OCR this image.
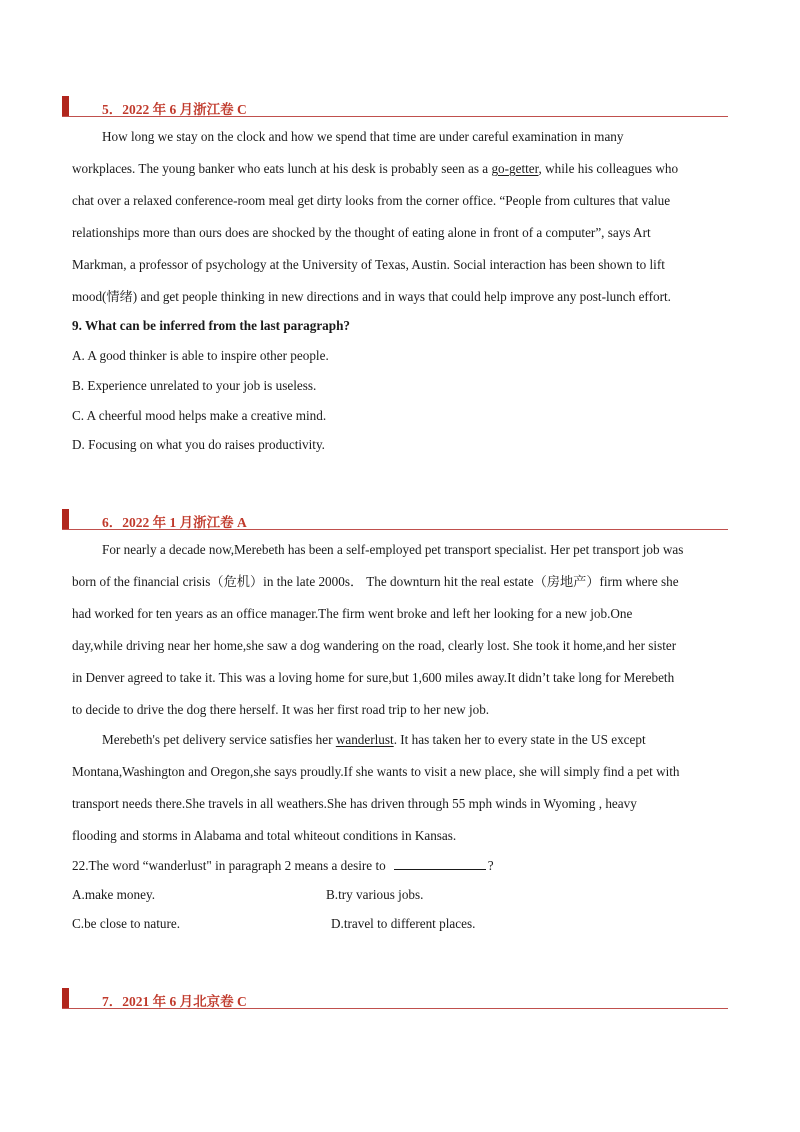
5．2022 年 6 月浙江卷 C
How long we stay on the clock and how we spend that time are under careful examination in many
workplaces. The young banker who eats lunch at his desk is probably seen as a go-getter, while his colleagues who
chat over a relaxed conference-room meal get dirty looks from the corner office. “People from cultures that value
relationships more than ours does are shocked by the thought of eating alone in front of a computer”, says Art
Markman, a professor of psychology at the University of Texas, Austin. Social interaction has been shown to lift
mood(情绪) and get people thinking in new directions and in ways that could help improve any post-lunch effort.
9. What can be inferred from the last paragraph?
A. A good thinker is able to inspire other people.
B. Experience unrelated to your job is useless.
C. A cheerful mood helps make a creative mind.
D. Focusing on what you do raises productivity.
6．2022 年 1 月浙江卷 A
For nearly a decade now,Merebeth has been a self-employed pet transport specialist. Her pet transport job was
born of the financial crisis（危机）in the late 2000s． The downturn hit the real estate（房地产）firm where she
had worked for ten years as an office manager.The firm went broke and left her looking for a new job.One
day,while driving near her home,she saw a dog wandering on the road, clearly lost. She took it home,and her sister
in Denver agreed to take it. This was a loving home for sure,but 1,600 miles away.It didn’t take long for Merebeth
to decide to drive the dog there herself. It was her first road trip to her new job.
Merebeth's pet delivery service satisfies her wanderlust. It has taken her to every state in the US except
Montana,Washington and Oregon,she says proudly.If she wants to visit a new place, she will simply find a pet with
transport needs there.She travels in all weathers.She has driven through 55 mph winds in Wyoming , heavy
flooding and storms in Alabama and total whiteout conditions in Kansas.
22.The word “wanderlust" in paragraph 2 means a desire to	?
A.make money.	B.try various jobs.
C.be close to nature.	D.travel to different places.
7．2021 年 6 月北京卷 C
